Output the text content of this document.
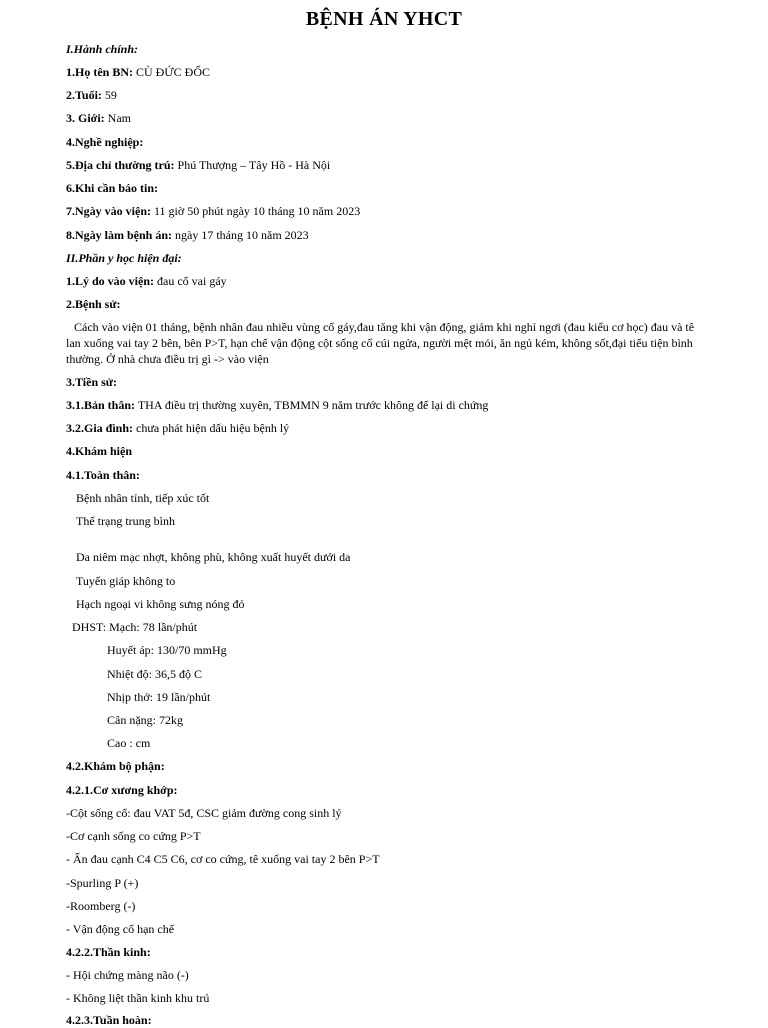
BỆNH ÁN YHCT
I.Hành chính:
1.Họ tên BN: CÙ ĐỨC ĐỐC
2.Tuổi: 59
3. Giới: Nam
4.Nghề nghiệp:
5.Địa chỉ thường trú: Phú Thượng – Tây Hồ - Hà Nội
6.Khi cần báo tin:
7.Ngày vào viện: 11 giờ 50 phút ngày 10 tháng 10 năm 2023
8.Ngày làm bệnh án: ngày 17 tháng 10 năm 2023
II.Phần y học hiện đại:
1.Lý do vào viện: đau cổ vai gáy
2.Bệnh sử:
Cách vào viện 01 tháng, bệnh nhân đau nhiều vùng cổ gáy,đau tăng khi vận động, giảm khi nghỉ ngơi (đau kiểu cơ học) đau và tê lan xuống vai tay 2 bên, bên P>T, hạn chế vận động cột sống cổ cúi ngửa, người mệt mỏi, ăn ngủ kém, không sốt,đại tiểu tiện bình thường. Ở nhà chưa điều trị gì -> vào viện
3.Tiền sử:
3.1.Bản thân: THA điều trị thường xuyên, TBMMN 9 năm trước không để lại di chứng
3.2.Gia đình: chưa phát hiện dấu hiệu bệnh lý
4.Khám hiện
4.1.Toàn thân:
Bệnh nhân tỉnh, tiếp xúc tốt
Thể trạng trung bình
Da niêm mạc nhợt, không phù, không xuất huyết dưới da
Tuyến giáp không to
Hạch ngoại vi không sưng nóng đỏ
DHST: Mạch: 78 lần/phút
Huyết áp: 130/70 mmHg
Nhiệt độ: 36,5 độ C
Nhịp thở: 19 lần/phút
Cân nặng: 72kg
Cao : cm
4.2.Khám bộ phận:
4.2.1.Cơ xương khớp:
-Cột sống cổ: đau VAT 5đ, CSC giảm đường cong sinh lý
-Cơ cạnh sống co cứng P>T
- Ấn đau cạnh C4 C5 C6, cơ co cứng, tê xuống vai tay 2 bên P>T
-Spurling P (+)
-Roomberg (-)
- Vận động cổ hạn chế
4.2.2.Thần kinh:
- Hội chứng màng não (-)
- Không liệt thần kinh khu trú
4.2.3.Tuần hoàn:
